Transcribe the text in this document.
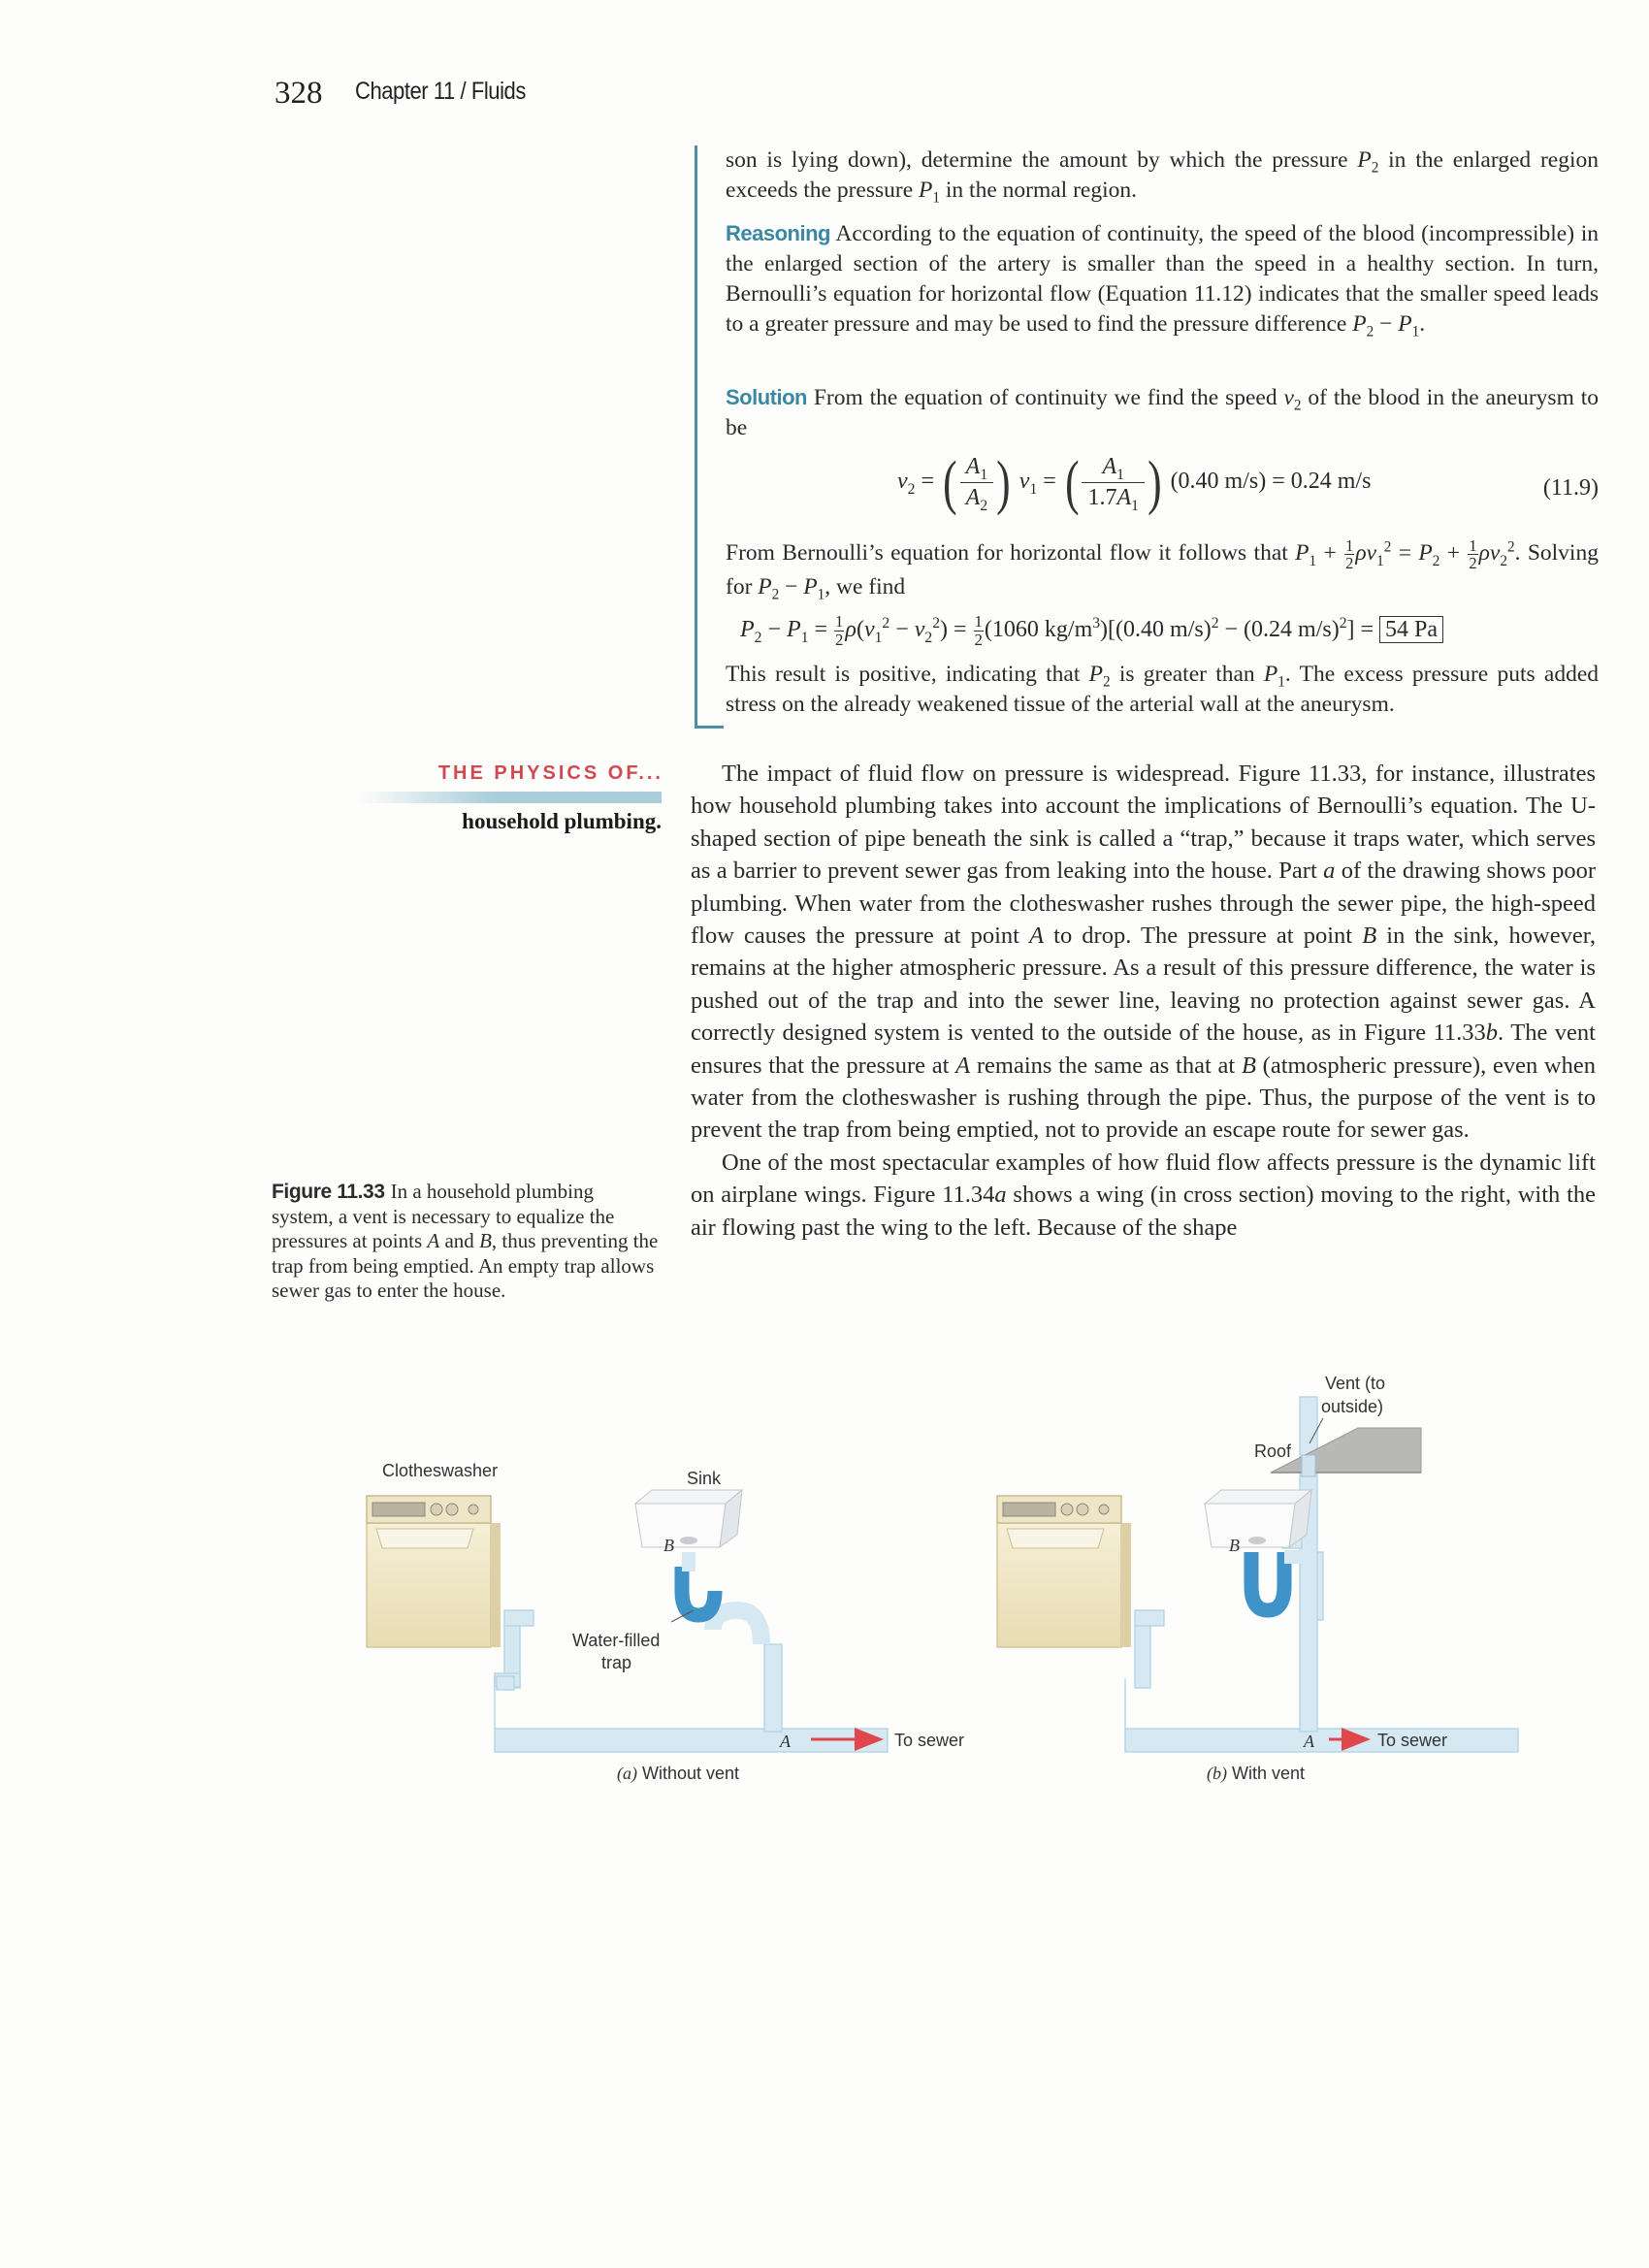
328 Chapter 11 / Fluids

son is lying down), determine the amount by which the pressure $P_2$ in the enlarged region exceeds the pressure $P_1$ in the normal region.

Reasoning According to the equation of continuity, the speed of the blood (incompressible) in the enlarged section of the artery is smaller than the speed in a healthy section. In turn, Bernoulli’s equation for horizontal flow (Equation 11.12) indicates that the smaller speed leads to a greater pressure and may be used to find the pressure difference $P_2 - P_1$.

Solution From the equation of continuity we find the speed $v_2$ of the blood in the aneurysm to be

$v_2$ = ( $\frac{A_1}{A_2}$ ) $v_1$ = ( $\frac{A_1}{1.7A_1}$ ) (0.40 m/s) = 0.24 m/s	(11.9)

From Bernoulli’s equation for horizontal flow it follows that $P_1 + \frac{1}{2} \rho v_1^2 = P_2 + \frac{1}{2} \rho v_2^2$. Solving for $P_2 - P_1$, we find

$P_2 - P_1 = \frac{1}{2} \rho(v_1^2 - v_2^2) = \frac{1}{2} (1060$ $kg/m^3)[(0.40$ m/s)$^2$ − (0.24 m/s)$^2$] = 54 Pa

This result is positive, indicating that $P_2$ is greater than $P_1$. The excess pressure puts added stress on the already weakened tissue of the arterial wall at the aneurysm.

THE PHYSICS OF...
household plumbing.

The impact of fluid flow on pressure is widespread. Figure 11.33, for instance, illustrates how household plumbing takes into account the implications of Bernoulli’s equation. The U-shaped section of pipe beneath the sink is called a “trap,” because it traps water, which serves as a barrier to prevent sewer gas from leaking into the house. Part a of the drawing shows poor plumbing. When water from the clotheswasher rushes through the sewer pipe, the high-speed flow causes the pressure at point A to drop. The pressure at point B in the sink, however, remains at the higher atmospheric pressure. As a result of this pressure difference, the water is pushed out of the trap and into the sewer line, leaving no protection against sewer gas. A correctly designed system is vented to the outside of the house, as in Figure 11.33b. The vent ensures that the pressure at A remains the same as that at B (atmospheric pressure), even when water from the clotheswasher is rushing through the pipe. Thus, the purpose of the vent is to prevent the trap from being emptied, not to provide an escape route for sewer gas.

One of the most spectacular examples of how fluid flow affects pressure is the dynamic lift on airplane wings. Figure 11.34a shows a wing (in cross section) moving to the right, with the air flowing past the wing to the left. Because of the shape

Figure 11.33 In a household plumbing system, a vent is necessary to equalize the pressures at points A and B, thus preventing the trap from being emptied. An empty trap allows sewer gas to enter the house.
Clotheswasher	Sink
B
Water-filled
trap
A	To sewer
(a) Without vent
Vent (to
outside)
Roof
B
A	To sewer
(b) With vent
